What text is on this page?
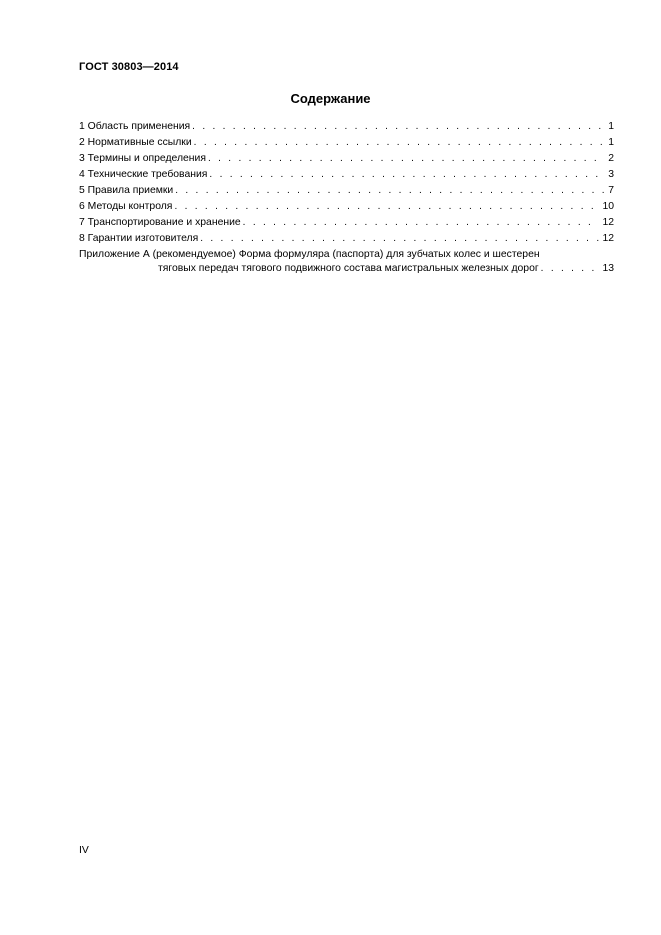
ГОСТ 30803—2014
Содержание
1 Область применения . . .	1
2 Нормативные ссылки . . .	1
3 Термины и определения . . .	2
4 Технические требования . . .	3
5 Правила приемки . . .	7
6 Методы контроля . . .	10
7 Транспортирование и хранение . . .	12
8 Гарантии изготовителя . . .	12
Приложение А (рекомендуемое) Форма формуляра (паспорта) для зубчатых колес и шестерен
тяговых передач тягового подвижного состава магистральных железных дорог . . .	13
IV
